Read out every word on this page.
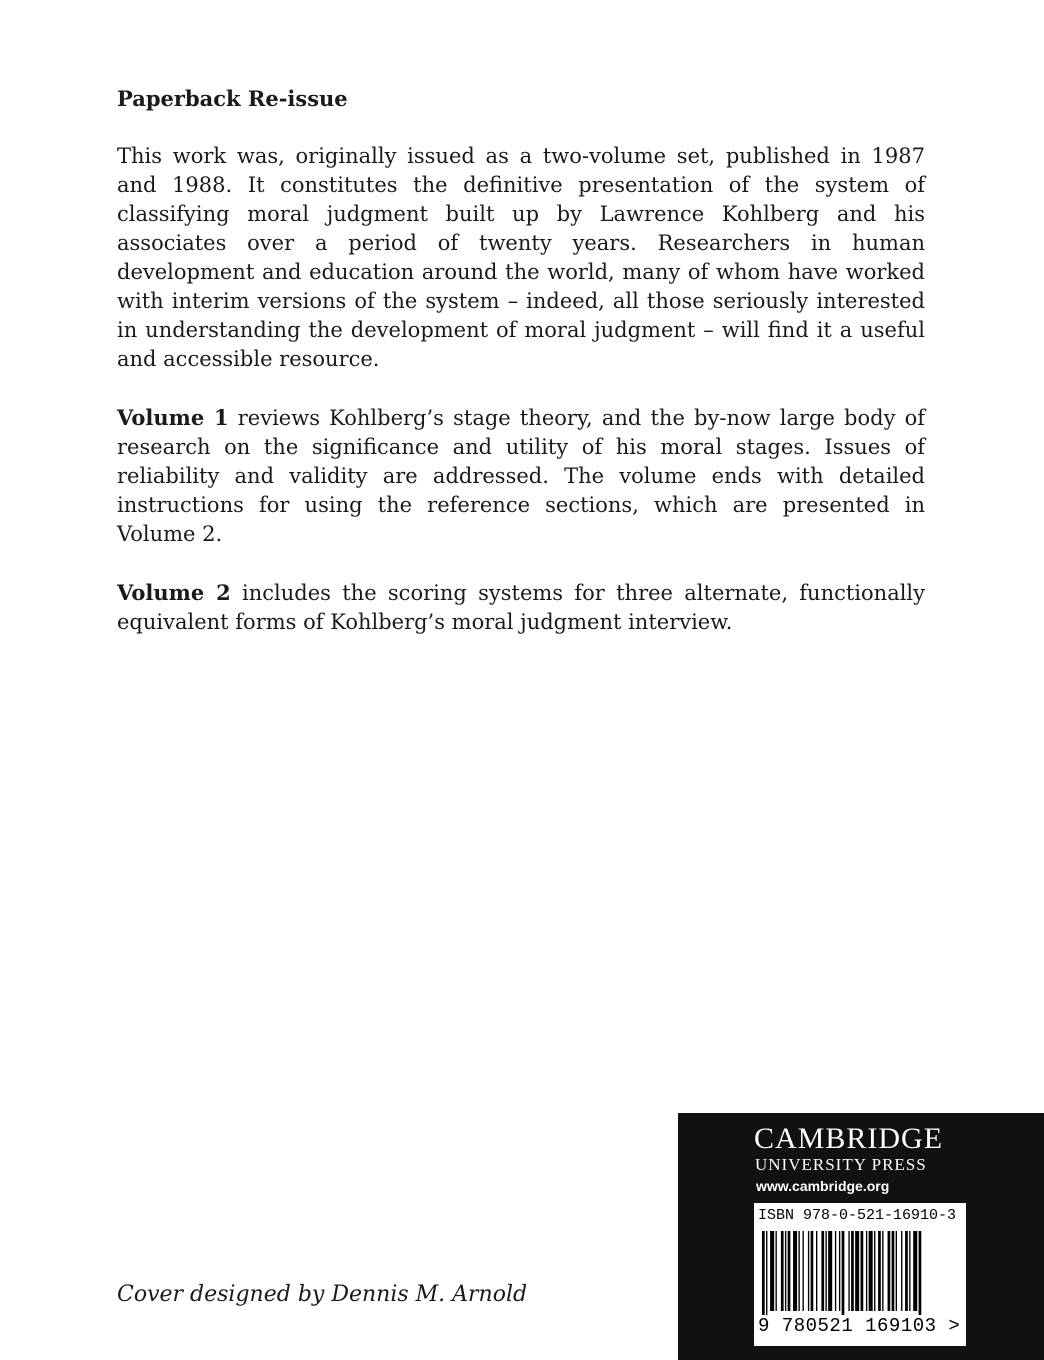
Paperback Re-issue

This work was, originally issued as a two-volume set, published in 1987 and 1988. It constitutes the definitive presentation of the system of classifying moral judgment built up by Lawrence Kohlberg and his associates over a period of twenty years. Researchers in human development and education around the world, many of whom have worked with interim versions of the system – indeed, all those seriously interested in understanding the development of moral judgment – will find it a useful and accessible resource.

Volume 1 reviews Kohlberg’s stage theory, and the by-now large body of research on the significance and utility of his moral stages. Issues of reliability and validity are addressed. The volume ends with detailed instructions for using the reference sections, which are presented in Volume 2.

Volume 2 includes the scoring systems for three alternate, functionally equivalent forms of Kohlberg’s moral judgment interview.

Cover designed by Dennis M. Arnold
CAMBRIDGE
UNIVERSITY PRESS
www.cambridge.org
ISBN 978-0-521-16910-3
9 780521 169103 >
